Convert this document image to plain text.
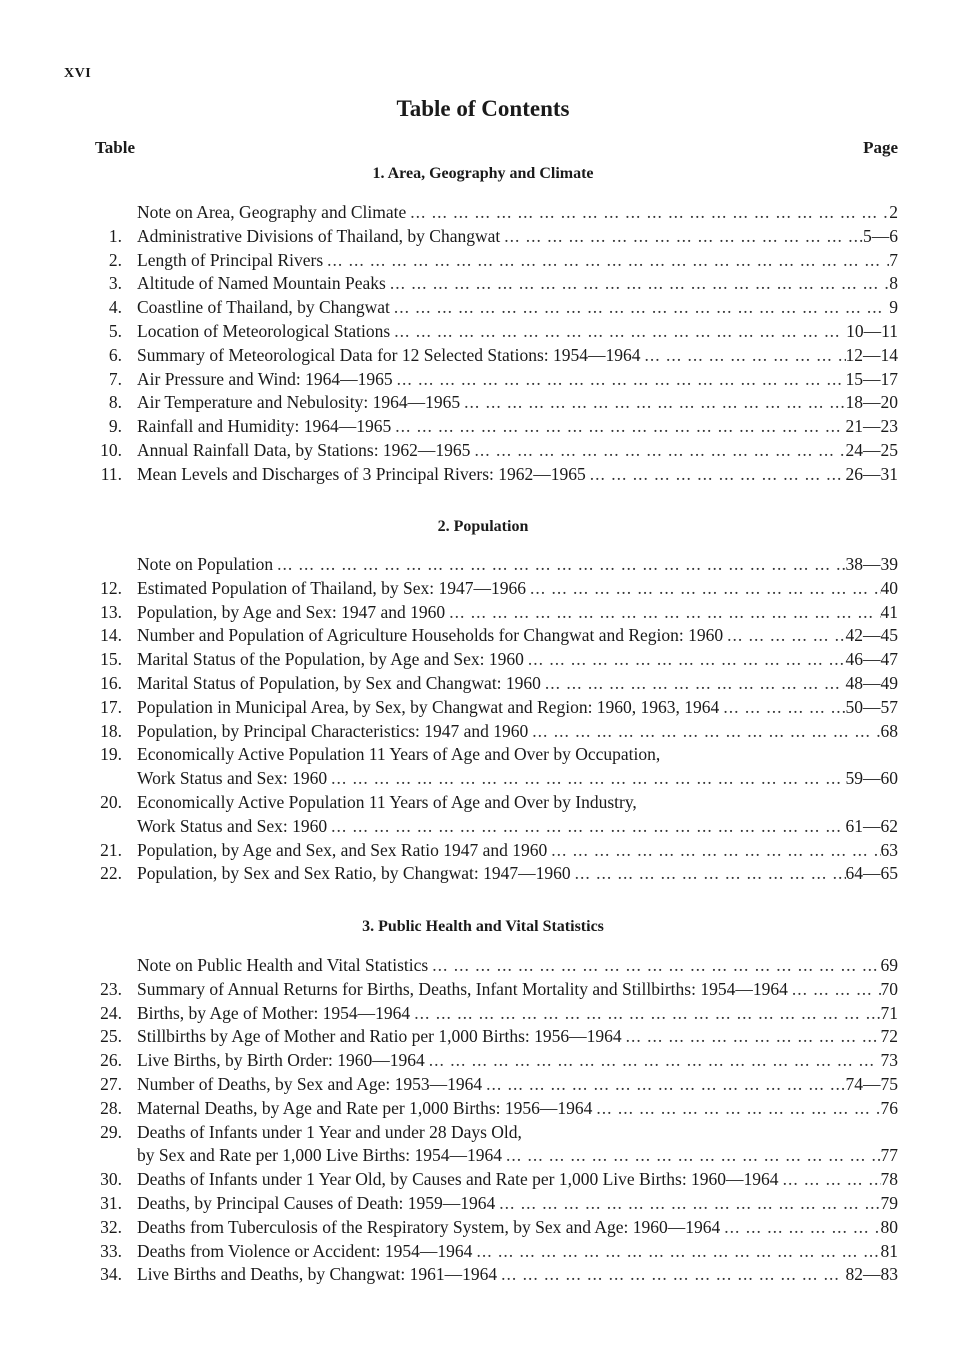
XVI
Table of Contents
Table	Page
1. Area, Geography and Climate
Note on Area, Geography and Climate ... .	2
1. Administrative Divisions of Thailand, by Changwat ... .	5—6
2. Length of Principal Rivers ... .	7
3. Altitude of Named Mountain Peaks ... .	8
4. Coastline of Thailand, by Changwat ... .	9
5. Location of Meteorological Stations ... .	10—11
6. Summary of Meteorological Data for 12 Selected Stations: 1954—1964 ... .	12—14
7. Air Pressure and Wind: 1964—1965 ... .	15—17
8. Air Temperature and Nebulosity: 1964—1965 ... .	18—20
9. Rainfall and Humidity: 1964—1965 ... .	21—23
10. Annual Rainfall Data, by Stations: 1962—1965 ... .	24—25
11. Mean Levels and Discharges of 3 Principal Rivers: 1962—1965 ... .	26—31
2. Population
Note on Population ... .	38—39
12. Estimated Population of Thailand, by Sex: 1947—1966 ... .	40
13. Population, by Age and Sex: 1947 and 1960 ... .	41
14. Number and Population of Agriculture Households for Changwat and Region: 1960 ... .	42—45
15. Marital Status of the Population, by Age and Sex: 1960 ... .	46—47
16. Marital Status of Population, by Sex and Changwat: 1960 ... .	48—49
17. Population in Municipal Area, by Sex, by Changwat and Region: 1960, 1963, 1964 ... .	50—57
18. Population, by Principal Characteristics: 1947 and 1960 ... .	68
19. Economically Active Population 11 Years of Age and Over by Occupation,
Work Status and Sex: 1960 ... .	59—60
20. Economically Active Population 11 Years of Age and Over by Industry,
Work Status and Sex: 1960 ... .	61—62
21. Population, by Age and Sex, and Sex Ratio 1947 and 1960 ... .	63
22. Population, by Sex and Sex Ratio, by Changwat: 1947—1960 ... .	64—65
3. Public Health and Vital Statistics
Note on Public Health and Vital Statistics ... .	69
23. Summary of Annual Returns for Births, Deaths, Infant Mortality and Stillbirths: 1954—1964 ... .	70
24. Births, by Age of Mother: 1954—1964 ... .	71
25. Stillbirths by Age of Mother and Ratio per 1,000 Births: 1956—1964 ... .	72
26. Live Births, by Birth Order: 1960—1964 ... .	73
27. Number of Deaths, by Sex and Age: 1953—1964 ... .	74—75
28. Maternal Deaths, by Age and Rate per 1,000 Births: 1956—1964 ... .	76
29. Deaths of Infants under 1 Year and under 28 Days Old,
by Sex and Rate per 1,000 Live Births: 1954—1964 ... .	77
30. Deaths of Infants under 1 Year Old, by Causes and Rate per 1,000 Live Births: 1960—1964 ... .	78
31. Deaths, by Principal Causes of Death: 1959—1964 ... .	79
32. Deaths from Tuberculosis of the Respiratory System, by Sex and Age: 1960—1964 ... .	80
33. Deaths from Violence or Accident: 1954—1964 ... .	81
34. Live Births and Deaths, by Changwat: 1961—1964 ... .	82—83
